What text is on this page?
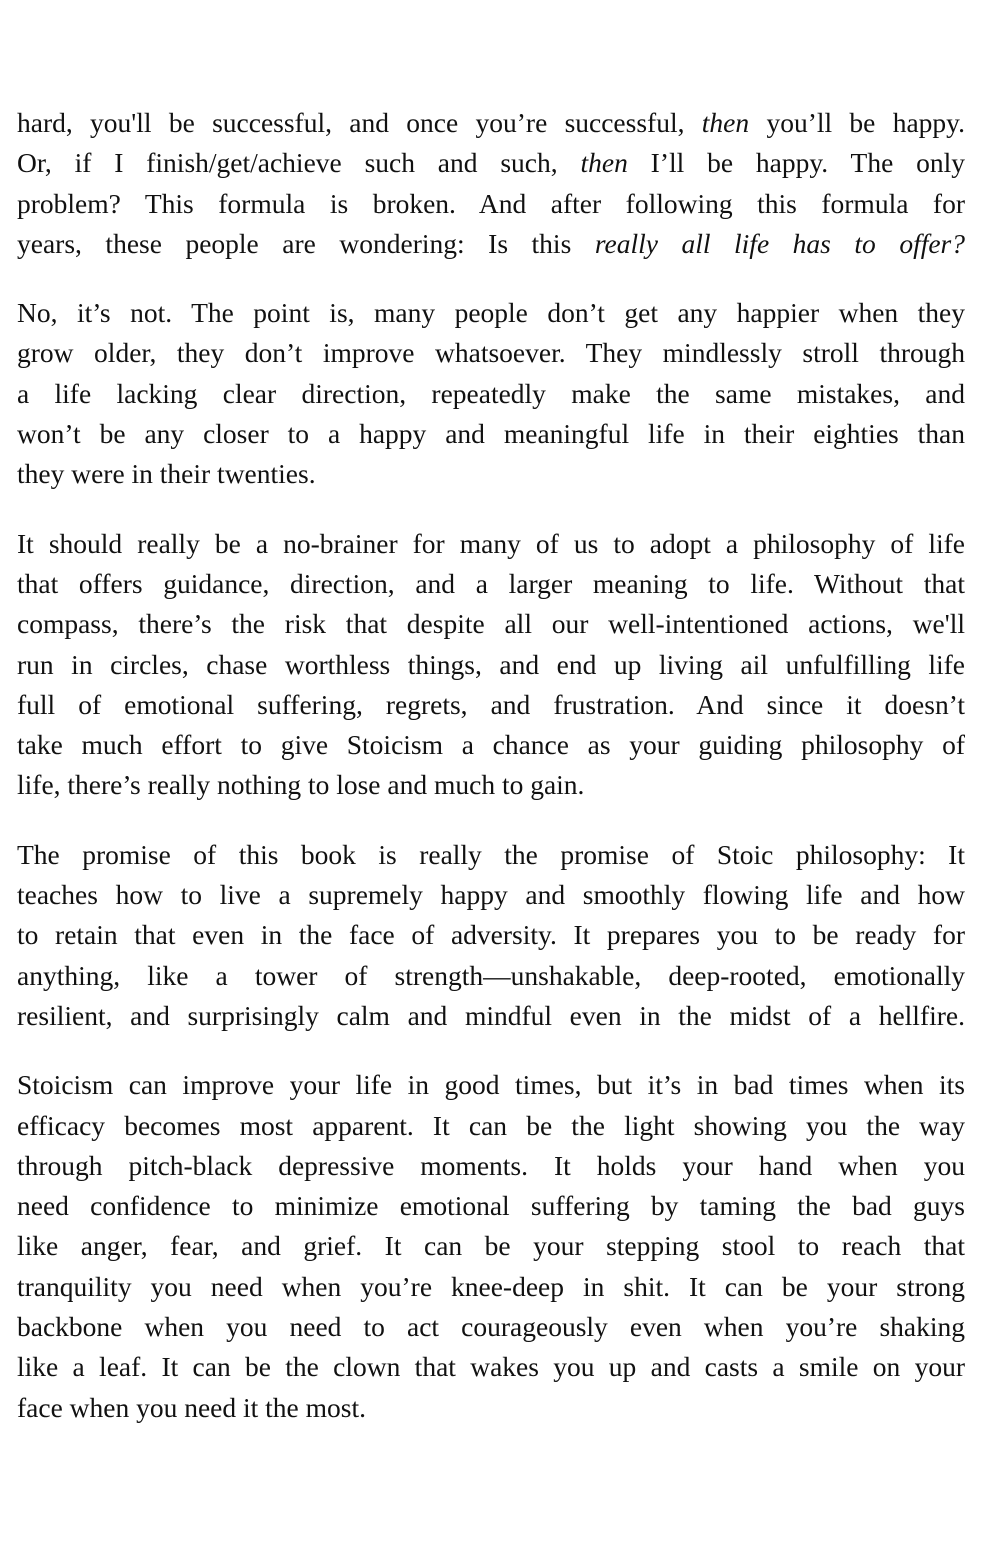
hard, you'll be successful, and once you’re successful, then you’ll be happy.
Or, if I finish/get/achieve such and such, then I’ll be happy. The only
problem? This formula is broken. And after following this formula for
years, these people are wondering: Is this really all life has to offer?
No, it’s not. The point is, many people don’t get any happier when they
grow older, they don’t improve whatsoever. They mindlessly stroll through
a life lacking clear direction, repeatedly make the same mistakes, and
won’t be any closer to a happy and meaningful life in their eighties than
they were in their twenties.
It should really be a no-brainer for many of us to adopt a philosophy of life
that offers guidance, direction, and a larger meaning to life. Without that
compass, there’s the risk that despite all our well-intentioned actions, we'll
run in circles, chase worthless things, and end up living ail unfulfilling life
full of emotional suffering, regrets, and frustration. And since it doesn’t
take much effort to give Stoicism a chance as your guiding philosophy of
life, there’s really nothing to lose and much to gain.
The promise of this book is really the promise of Stoic philosophy: It
teaches how to live a supremely happy and smoothly flowing life and how
to retain that even in the face of adversity. It prepares you to be ready for
anything, like a tower of strength—unshakable, deep-rooted, emotionally
resilient, and surprisingly calm and mindful even in the midst of a hellfire.
Stoicism can improve your life in good times, but it’s in bad times when its
efficacy becomes most apparent. It can be the light showing you the way
through pitch-black depressive moments. It holds your hand when you
need confidence to minimize emotional suffering by taming the bad guys
like anger, fear, and grief. It can be your stepping stool to reach that
tranquility you need when you’re knee-deep in shit. It can be your strong
backbone when you need to act courageously even when you’re shaking
like a leaf. It can be the clown that wakes you up and casts a smile on your
face when you need it the most.
